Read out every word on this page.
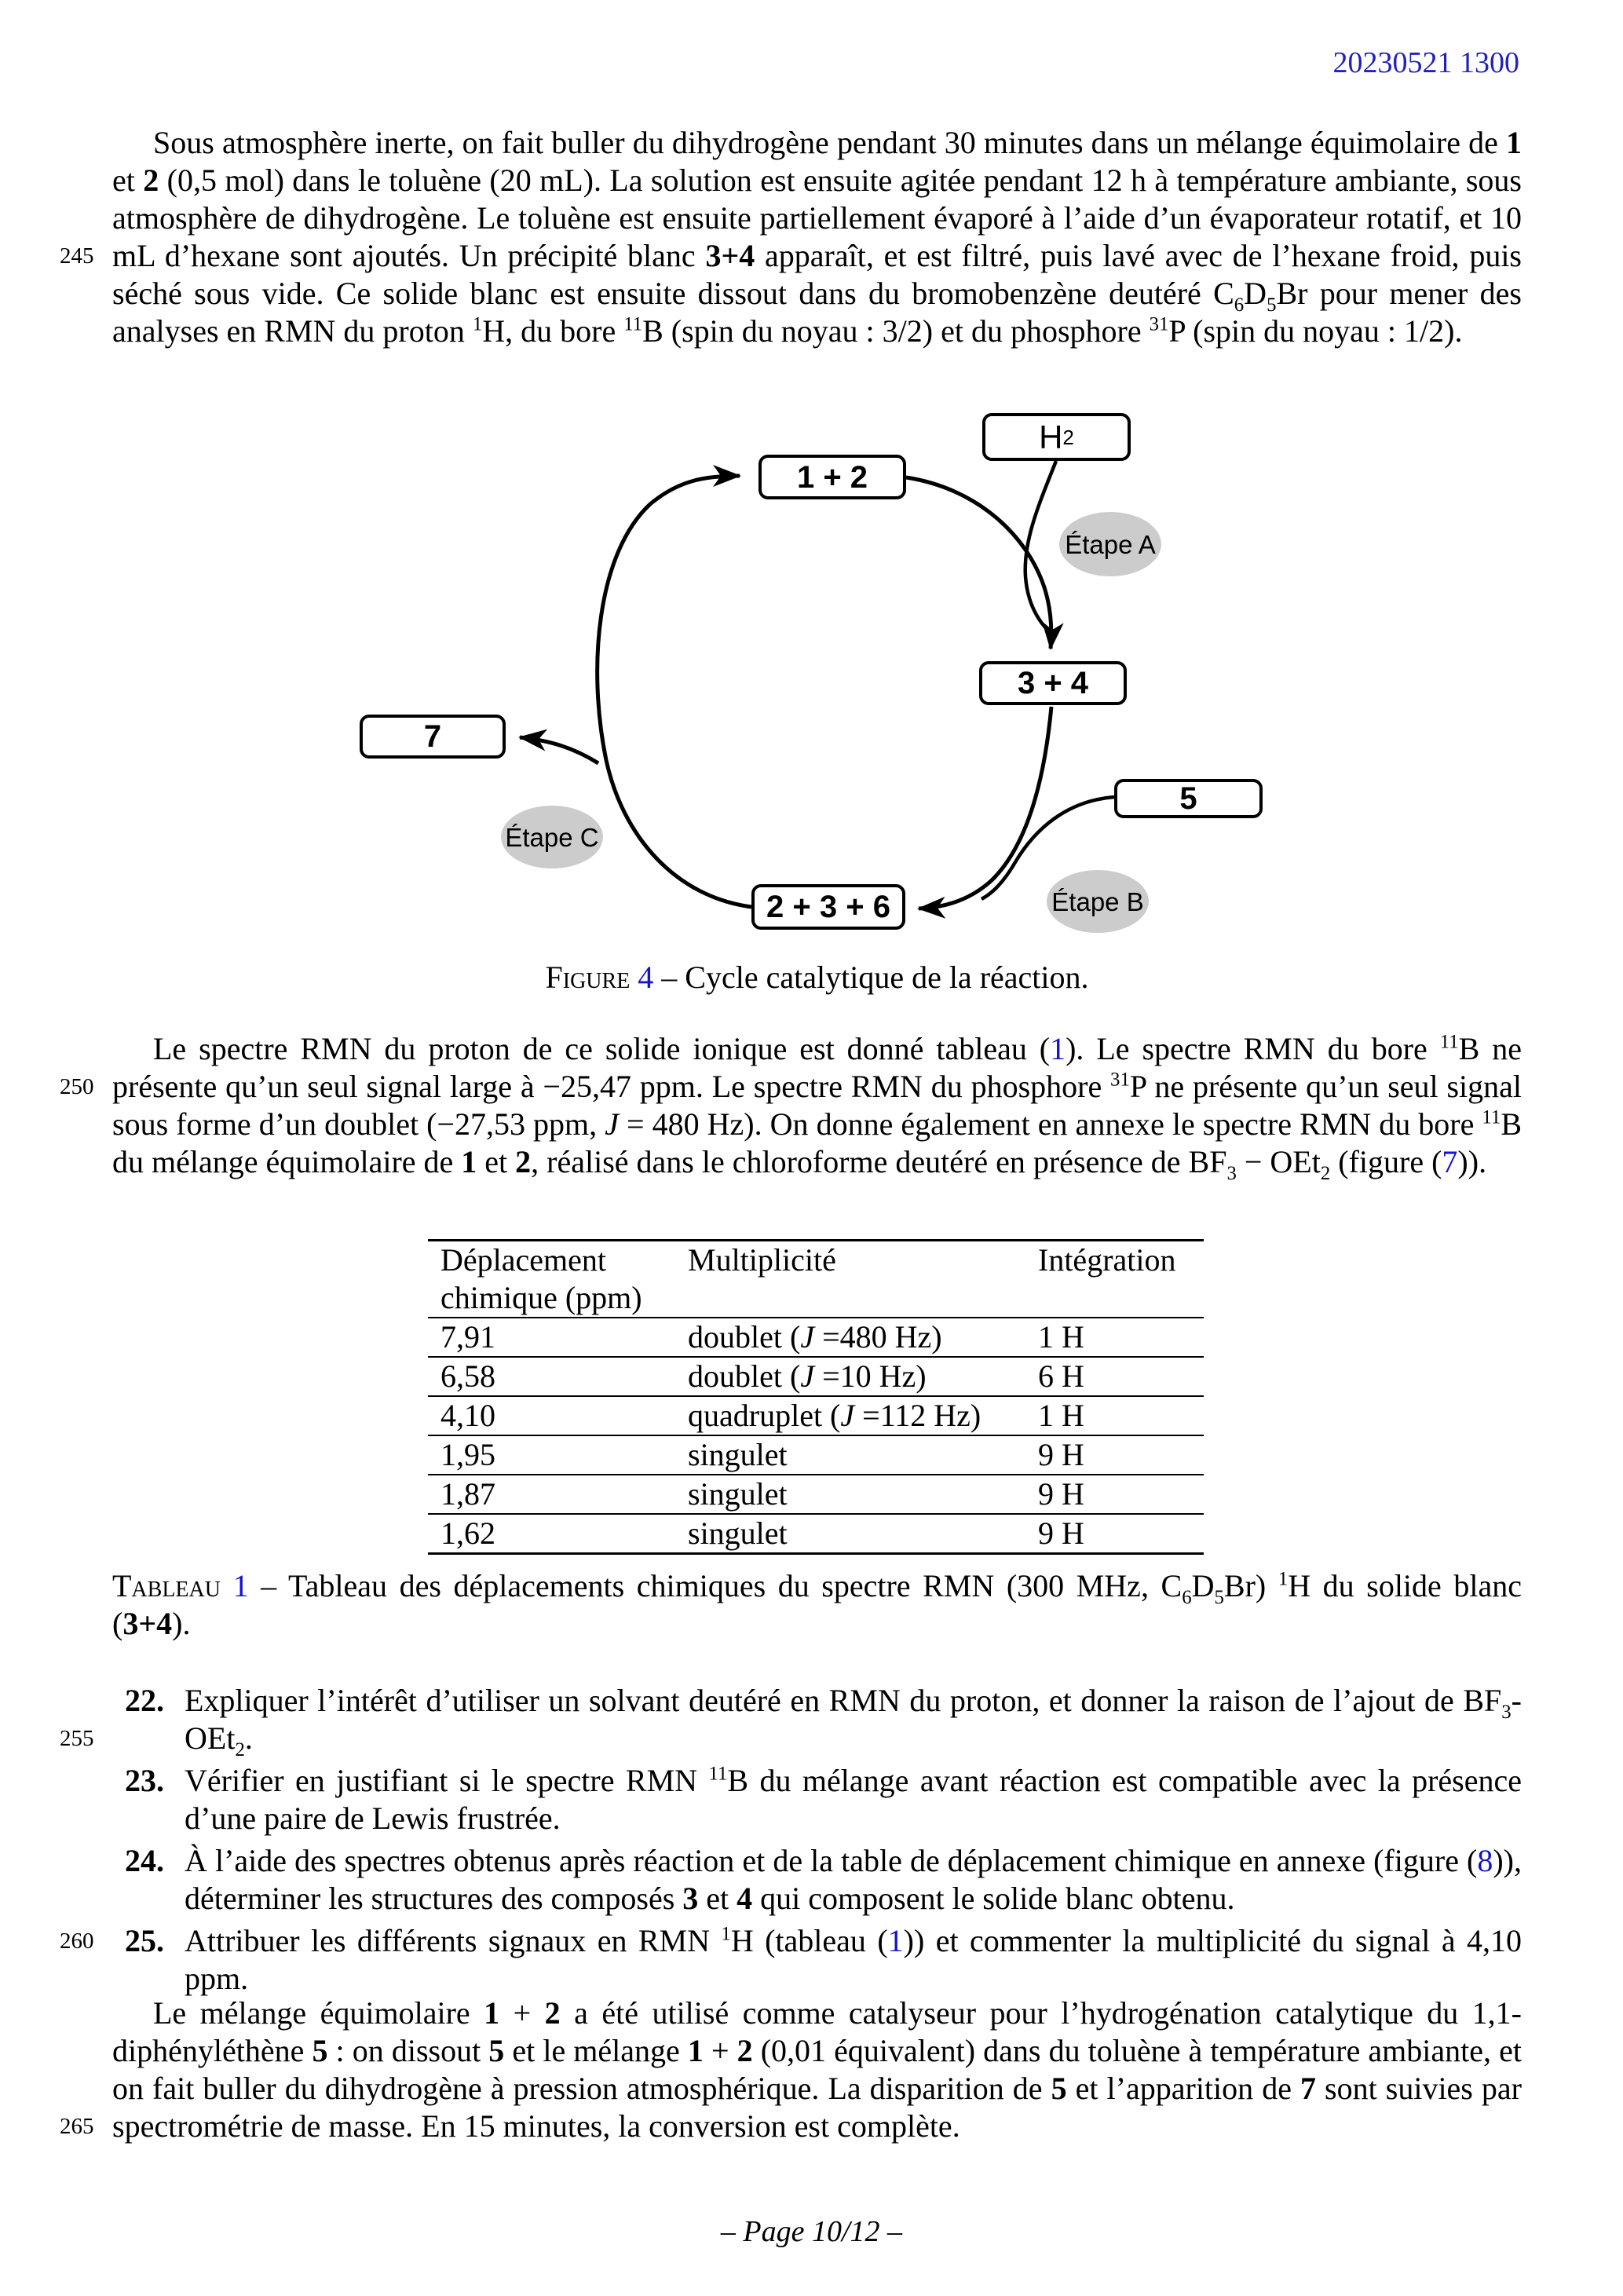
20230521 1300
245
250
255
260
265

Sous atmosphère inerte, on fait buller du dihydrogène pendant 30 minutes dans un mélange équimolaire de 1 et 2 (0,5 mol) dans le toluène (20 mL). La solution est ensuite agitée pendant 12 h à température ambiante, sous atmosphère de dihydrogène. Le toluène est ensuite partiellement évaporé à l’aide d’un évaporateur rotatif, et 10 mL d’hexane sont ajoutés. Un précipité blanc 3+4 apparaît, et est filtré, puis lavé avec de l’hexane froid, puis séché sous vide. Ce solide blanc est ensuite dissout dans du bromobenzène deutéré $C_6D_5Br$ pour mener des analyses en RMN du proton $^1$H, du bore $^{11}$B (spin du noyau : 3/2) et du phosphore $^{31}$P (spin du noyau : 1/2).

H 2
1 + 2
3 + 4
7
5
2 + 3 + 6
Étape A
Étape C
Étape B
Figure 4 – Cycle catalytique de la réaction.

Le spectre RMN du proton de ce solide ionique est donné tableau (1). Le spectre RMN du bore $^{11}$B ne présente qu’un seul signal large à −25,47 ppm. Le spectre RMN du phosphore $^{31}$P ne présente qu’un seul signal sous forme d’un doublet (−27,53 ppm, J = 480 Hz). On donne également en annexe le spectre RMN du bore $^{11}$B du mélange équimolaire de 1 et 2, réalisé dans le chloroforme deutéré en présence de $BF_3 - OEt_2$ (figure (7)).

Déplacement chimique (ppm)	Multiplicité	Intégration
7,91	doublet (J =480 Hz)	1 H
6,58	doublet (J =10 Hz)	6 H
4,10	quadruplet (J =112 Hz)	1 H
1,95	singulet	9 H
1,87	singulet	9 H
1,62	singulet	9 H
Tableau 1 – Tableau des déplacements chimiques du spectre RMN (300 MHz, $C_6D_5Br$) $^1$H du solide blanc (3+4).
22. Expliquer l’intérêt d’utiliser un solvant deutéré en RMN du proton, et donner la raison de l’ajout de $BF_3-OEt_2$.
23. Vérifier en justifiant si le spectre RMN $^{11}$B du mélange avant réaction est compatible avec la présence d’une paire de Lewis frustrée.
24. À l’aide des spectres obtenus après réaction et de la table de déplacement chimique en annexe (figure (8)), déterminer les structures des composés 3 et 4 qui composent le solide blanc obtenu.
25. Attribuer les différents signaux en RMN $^1$H (tableau (1)) et commenter la multiplicité du signal à 4,10 ppm.

Le mélange équimolaire 1 + 2 a été utilisé comme catalyseur pour l’hydrogénation catalytique du 1,1-diphényléthène 5 : on dissout 5 et le mélange 1 + 2 (0,01 équivalent) dans du toluène à température ambiante, et on fait buller du dihydrogène à pression atmosphérique. La disparition de 5 et l’apparition de 7 sont suivies par spectrométrie de masse. En 15 minutes, la conversion est complète.

– Page 10/12 –
